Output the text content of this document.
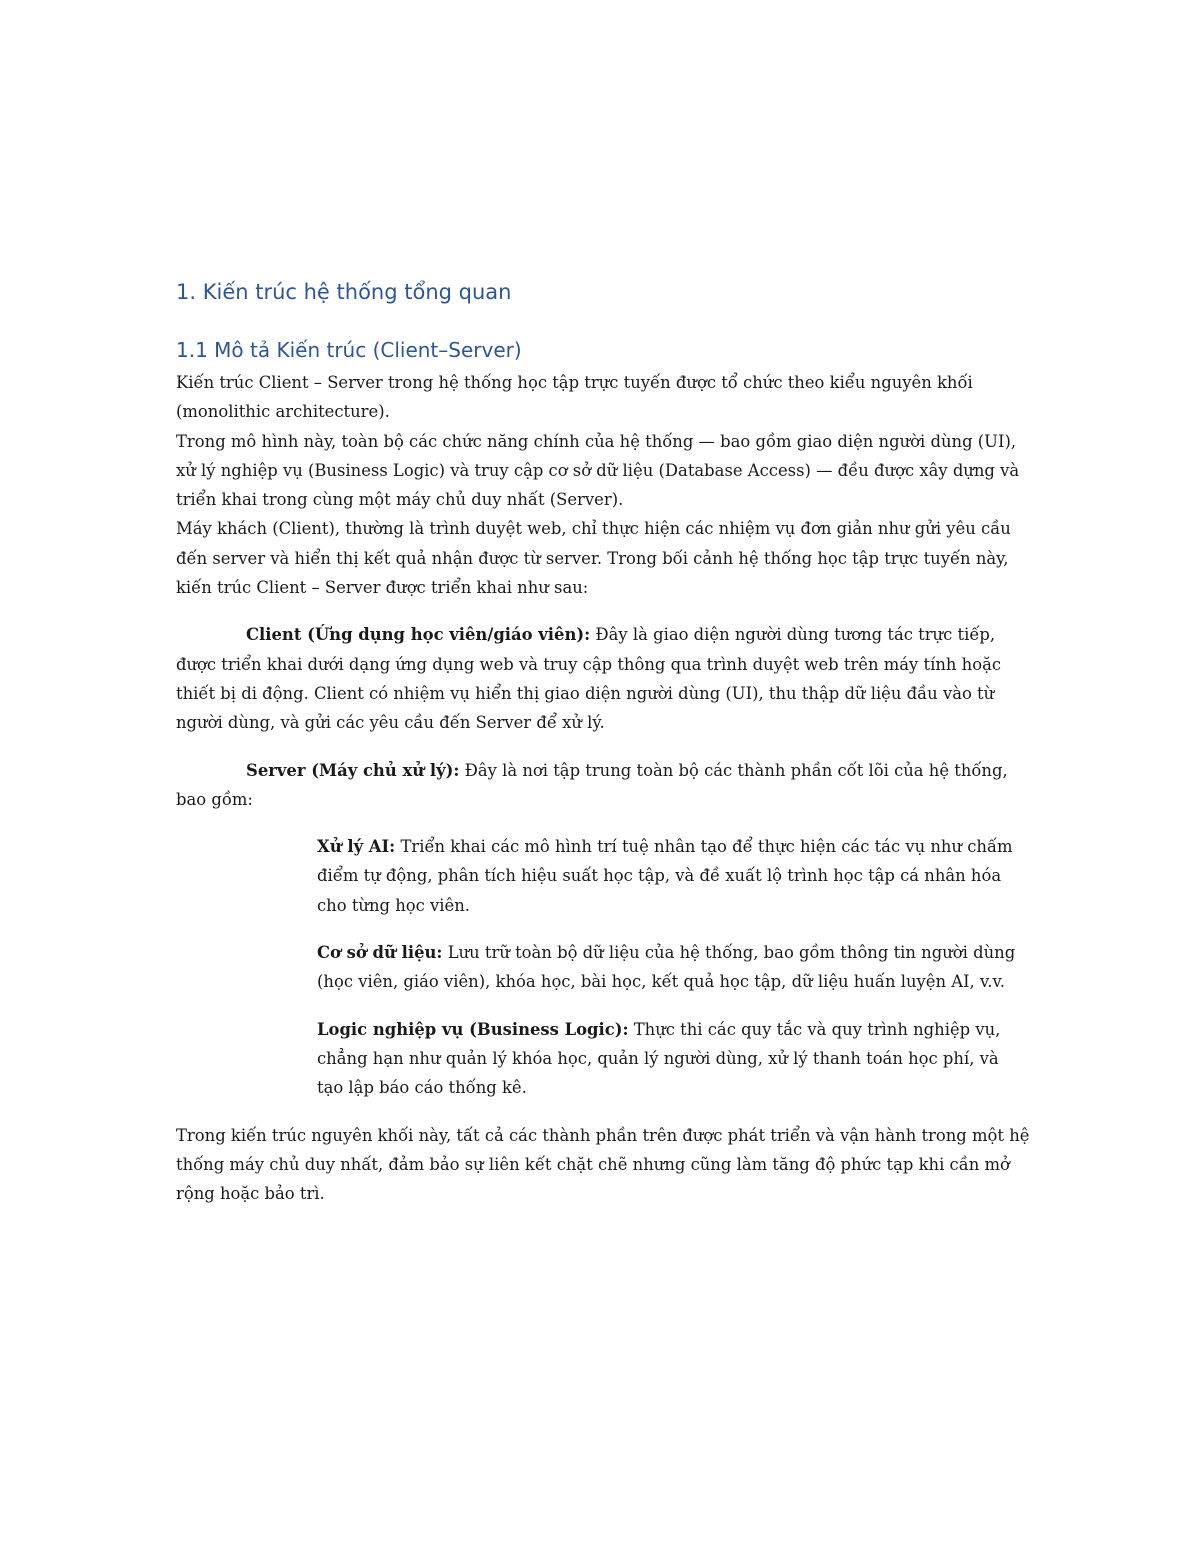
1. Kiến trúc hệ thống tổng quan
1.1 Mô tả Kiến trúc (Client–Server)

Kiến trúc Client – Server trong hệ thống học tập trực tuyến được tổ chức theo kiểu nguyên khối (monolithic architecture).

Trong mô hình này, toàn bộ các chức năng chính của hệ thống — bao gồm giao diện người dùng (UI), xử lý nghiệp vụ (Business Logic) và truy cập cơ sở dữ liệu (Database Access) — đều được xây dựng và triển khai trong cùng một máy chủ duy nhất (Server).

Máy khách (Client), thường là trình duyệt web, chỉ thực hiện các nhiệm vụ đơn giản như gửi yêu cầu đến server và hiển thị kết quả nhận được từ server. Trong bối cảnh hệ thống học tập trực tuyến này, kiến trúc Client – Server được triển khai như sau:

Client (Ứng dụng học viên/giáo viên): Đây là giao diện người dùng tương tác trực tiếp, được triển khai dưới dạng ứng dụng web và truy cập thông qua trình duyệt web trên máy tính hoặc thiết bị di động. Client có nhiệm vụ hiển thị giao diện người dùng (UI), thu thập dữ liệu đầu vào từ người dùng, và gửi các yêu cầu đến Server để xử lý.

Server (Máy chủ xử lý): Đây là nơi tập trung toàn bộ các thành phần cốt lõi của hệ thống, bao gồm:

Xử lý AI: Triển khai các mô hình trí tuệ nhân tạo để thực hiện các tác vụ như chấm điểm tự động, phân tích hiệu suất học tập, và đề xuất lộ trình học tập cá nhân hóa cho từng học viên.

Cơ sở dữ liệu: Lưu trữ toàn bộ dữ liệu của hệ thống, bao gồm thông tin người dùng (học viên, giáo viên), khóa học, bài học, kết quả học tập, dữ liệu huấn luyện AI, v.v.

Logic nghiệp vụ (Business Logic): Thực thi các quy tắc và quy trình nghiệp vụ, chẳng hạn như quản lý khóa học, quản lý người dùng, xử lý thanh toán học phí, và tạo lập báo cáo thống kê.

Trong kiến trúc nguyên khối này, tất cả các thành phần trên được phát triển và vận hành trong một hệ thống máy chủ duy nhất, đảm bảo sự liên kết chặt chẽ nhưng cũng làm tăng độ phức tạp khi cần mở rộng hoặc bảo trì.
